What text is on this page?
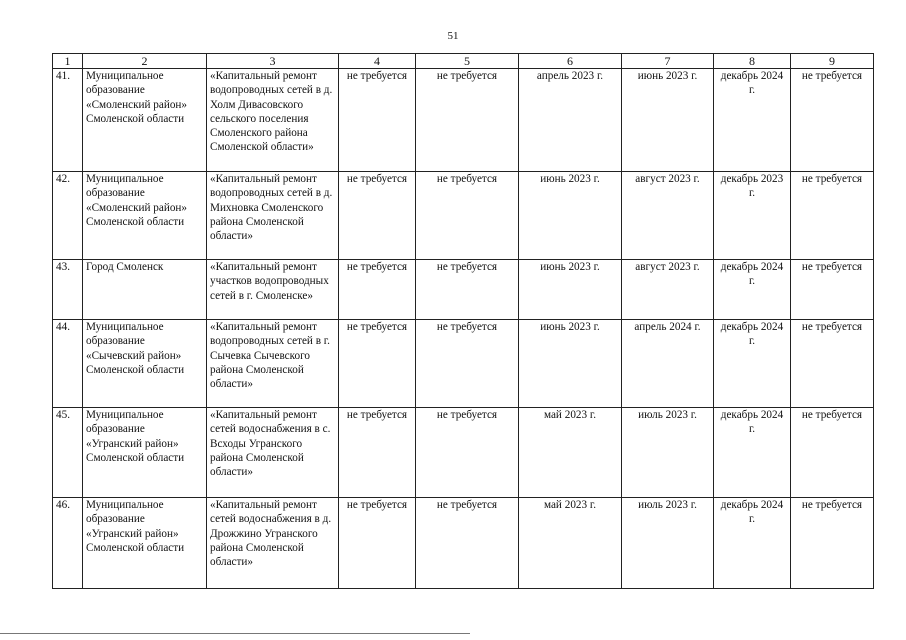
51
1	2	3	4	5	6	7	8	9
41.	Муниципальное образование «Смоленский район» Смоленской области	«Капитальный ремонт водопроводных сетей в д. Холм Дивасовского сельского поселения Смоленского района Смоленской области»	не требуется	не требуется	апрель 2023 г.	июнь 2023 г.	декабрь 2024 г.	не требуется
42.	Муниципальное образование «Смоленский район» Смоленской области	«Капитальный ремонт водопроводных сетей в д. Михновка Смоленского района Смоленской области»	не требуется	не требуется	июнь 2023 г.	август 2023 г.	декабрь 2023 г.	не требуется
43.	Город Смоленск	«Капитальный ремонт участков водопроводных сетей в г. Смоленске»	не требуется	не требуется	июнь 2023 г.	август 2023 г.	декабрь 2024 г.	не требуется
44.	Муниципальное образование «Сычевский район» Смоленской области	«Капитальный ремонт водопроводных сетей в г. Сычевка Сычевского района Смоленской области»	не требуется	не требуется	июнь 2023 г.	апрель 2024 г.	декабрь 2024 г.	не требуется
45.	Муниципальное образование «Угранский район» Смоленской области	«Капитальный ремонт сетей водоснабжения в с. Всходы Угранского района Смоленской области»	не требуется	не требуется	май 2023 г.	июль 2023 г.	декабрь 2024 г.	не требуется
46.	Муниципальное образование «Угранский район» Смоленской области	«Капитальный ремонт сетей водоснабжения в д. Дрожжино Угранского района Смоленской области»	не требуется	не требуется	май 2023 г.	июль 2023 г.	декабрь 2024 г.	не требуется
